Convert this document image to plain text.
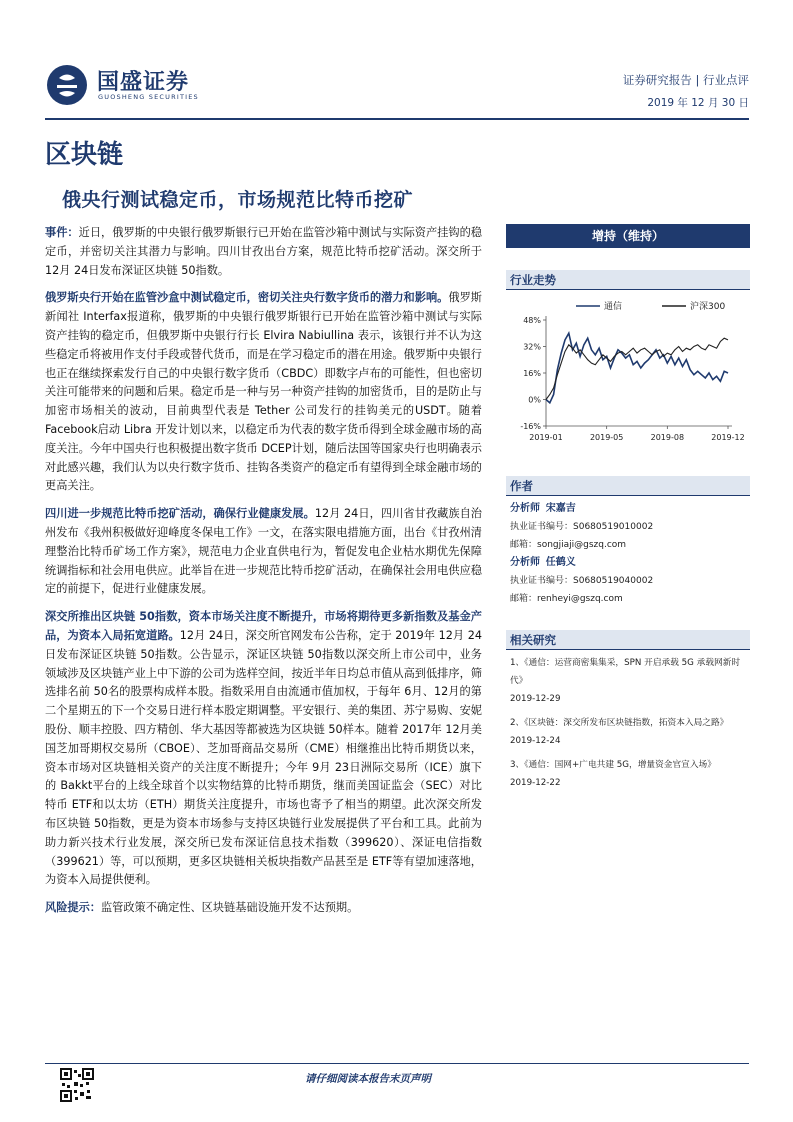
国盛证券
GUOSHENG SECURITIES
证券研究报告 | 行业点评
2019 年 12 月 30 日
区块链
俄央行测试稳定币，市场规范比特币挖矿

事件：近日，俄罗斯的中央银行俄罗斯银行已开始在监管沙箱中测试与实际资产挂钩的稳定币，并密切关注其潜力与影响。四川甘孜出台方案，规范比特币挖矿活动。深交所于 12月 24日发布深证区块链 50指数。

俄罗斯央行开始在监管沙盒中测试稳定币，密切关注央行数字货币的潜力和影响。俄罗斯新闻社 Interfax报道称，俄罗斯的中央银行俄罗斯银行已开始在监管沙箱中测试与实际资产挂钩的稳定币，但俄罗斯中央银行行长 Elvira Nabiullina 表示，该银行并不认为这些稳定币将被用作支付手段或替代货币，而是在学习稳定币的潜在用途。俄罗斯中央银行也正在继续探索发行自己的中央银行数字货币（CBDC）即数字卢布的可能性，但也密切关注可能带来的问题和后果。稳定币是一种与另一种资产挂钩的加密货币，目的是防止与加密市场相关的波动，目前典型代表是 Tether 公司发行的挂钩美元的USDT。随着 Facebook启动 Libra 开发计划以来，以稳定币为代表的数字货币得到全球金融市场的高度关注。今年中国央行也积极提出数字货币 DCEP计划，随后法国等国家央行也明确表示对此感兴趣，我们认为以央行数字货币、挂钩各类资产的稳定币有望得到全球金融市场的更高关注。

四川进一步规范比特币挖矿活动，确保行业健康发展。12月 24日，四川省甘孜藏族自治州发布《我州积极做好迎峰度冬保电工作》一文，在落实限电措施方面，出台《甘孜州清理整治比特币矿场工作方案》，规范电力企业直供电行为，暂促发电企业枯水期优先保障统调指标和社会用电供应。此举旨在进一步规范比特币挖矿活动，在确保社会用电供应稳定的前提下，促进行业健康发展。

深交所推出区块链 50指数，资本市场关注度不断提升，市场将期待更多新指数及基金产品，为资本入局拓宽道路。12月 24日，深交所官网发布公告称，定于 2019年 12月 24日发布深证区块链 50指数。公告显示，深证区块链 50指数以深交所上市公司中，业务领域涉及区块链产业上中下游的公司为选样空间，按近半年日均总市值从高到低排序，筛选排名前 50名的股票构成样本股。指数采用自由流通市值加权，于每年 6月、12月的第二个星期五的下一个交易日进行样本股定期调整。平安银行、美的集团、苏宁易购、安妮股份、顺丰控股、四方精创、华大基因等都被选为区块链 50样本。随着 2017年 12月美国芝加哥期权交易所（CBOE）、芝加哥商品交易所（CME）相继推出比特币期货以来，资本市场对区块链相关资产的关注度不断提升；今年 9月 23日洲际交易所（ICE）旗下的 Bakkt平台的上线全球首个以实物结算的比特币期货，继而美国证监会（SEC）对比特币 ETF和以太坊（ETH）期货关注度提升，市场也寄予了相当的期望。此次深交所发布区块链 50指数，更是为资本市场参与支持区块链行业发展提供了平台和工具。此前为助力新兴技术行业发展，深交所已发布深证信息技术指数（399620）、深证电信指数（399621）等，可以预期，更多区块链相关板块指数产品甚至是 ETF等有望加速落地，为资本入局提供便利。

风险提示：监管政策不确定性、区块链基础设施开发不达预期。

增持（维持）
行业走势
48%
32%
16%
0%
-16%
2019-01	2019-05	2019-08	2019-12
通信	沪深300
作者
分析师 宋嘉吉
执业证书编号：S0680519010002
邮箱：songjiaji@gszq.com
分析师 任鹤义
执业证书编号：S0680519040002
邮箱：renheyi@gszq.com
相关研究
1、《通信：运营商密集集采，SPN 开启承载 5G 承载网新时代》
2019-12-29
2、《区块链：深交所发布区块链指数，拓资本入局之路》
2019-12-24
3、《通信：国网+广电共建 5G，增量资金官宣入场》
2019-12-22
请仔细阅读本报告末页声明
